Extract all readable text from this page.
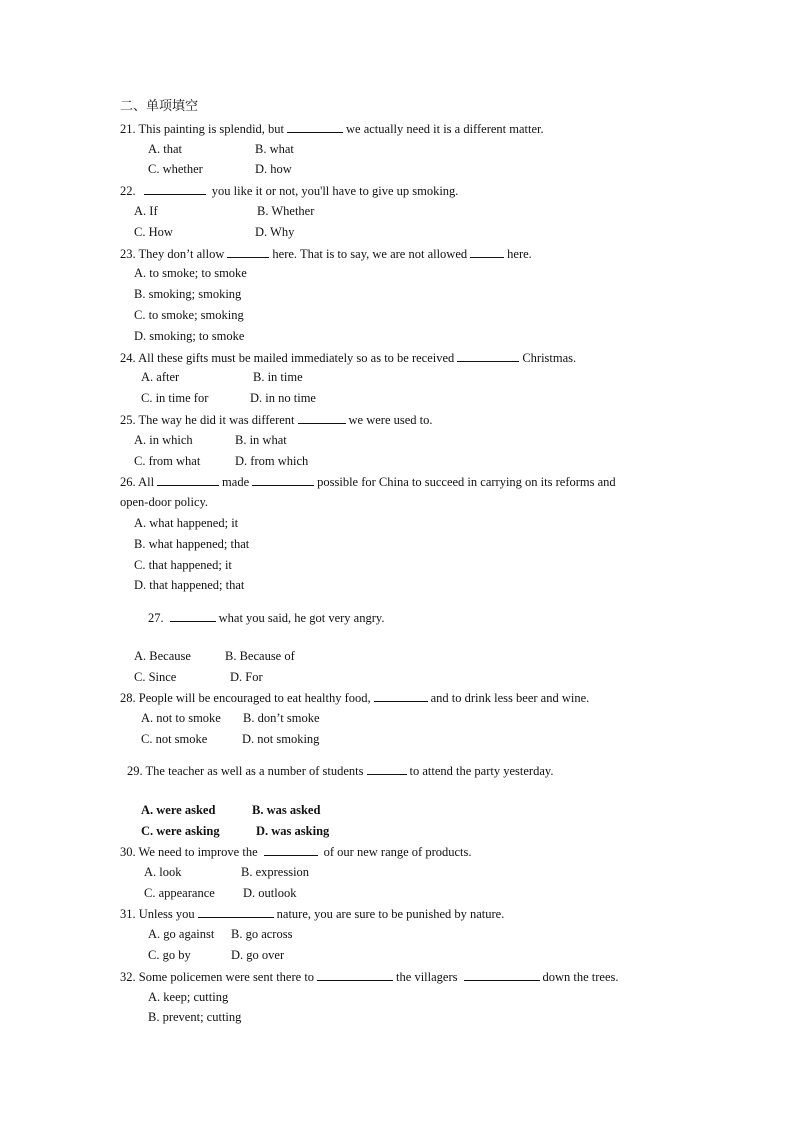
二、单项填空
21. This painting is splendid, but	we actually need it is a different matter.
A. that	B. what
C. whether	D. how
22.	you like it or not, you'll have to give up smoking.
A. If	B. Whether
C. How	D. Why
23. They don’t allow	here. That is to say, we are not allowed	here.
A. to smoke; to smoke
B. smoking; smoking
C. to smoke; smoking
D. smoking; to smoke
24. All these gifts must be mailed immediately so as to be received	Christmas.
A. after	B. in time
C. in time for	D. in no time
25. The way he did it was different	we were used to.
A. in which	B. in what
C. from what	D. from which
26. All	made	possible for China to succeed in carrying on its reforms and
open-door policy.
A. what happened; it
B. what happened; that
C. that happened; it
D. that happened; that
27.	what you said, he got very angry.
A. Because	B. Because of
C. Since	D. For
28. People will be encouraged to eat healthy food,	and to drink less beer and wine.
A. not to smoke B. don’t smoke
C. not smoke	D. not smoking
29. The teacher as well as a number of students	to attend the party yesterday.
A. were asked	B. was asked
C. were asking	D. was asking
30. We need to improve the	of our new range of products.
A. look	B. expression
C. appearance D. outlook
31. Unless you	nature, you are sure to be punished by nature.
A. go against B. go across
C. go by	D. go over
32. Some policemen were sent there to	the villagers	down the trees.
A. keep; cutting
B. prevent; cutting
